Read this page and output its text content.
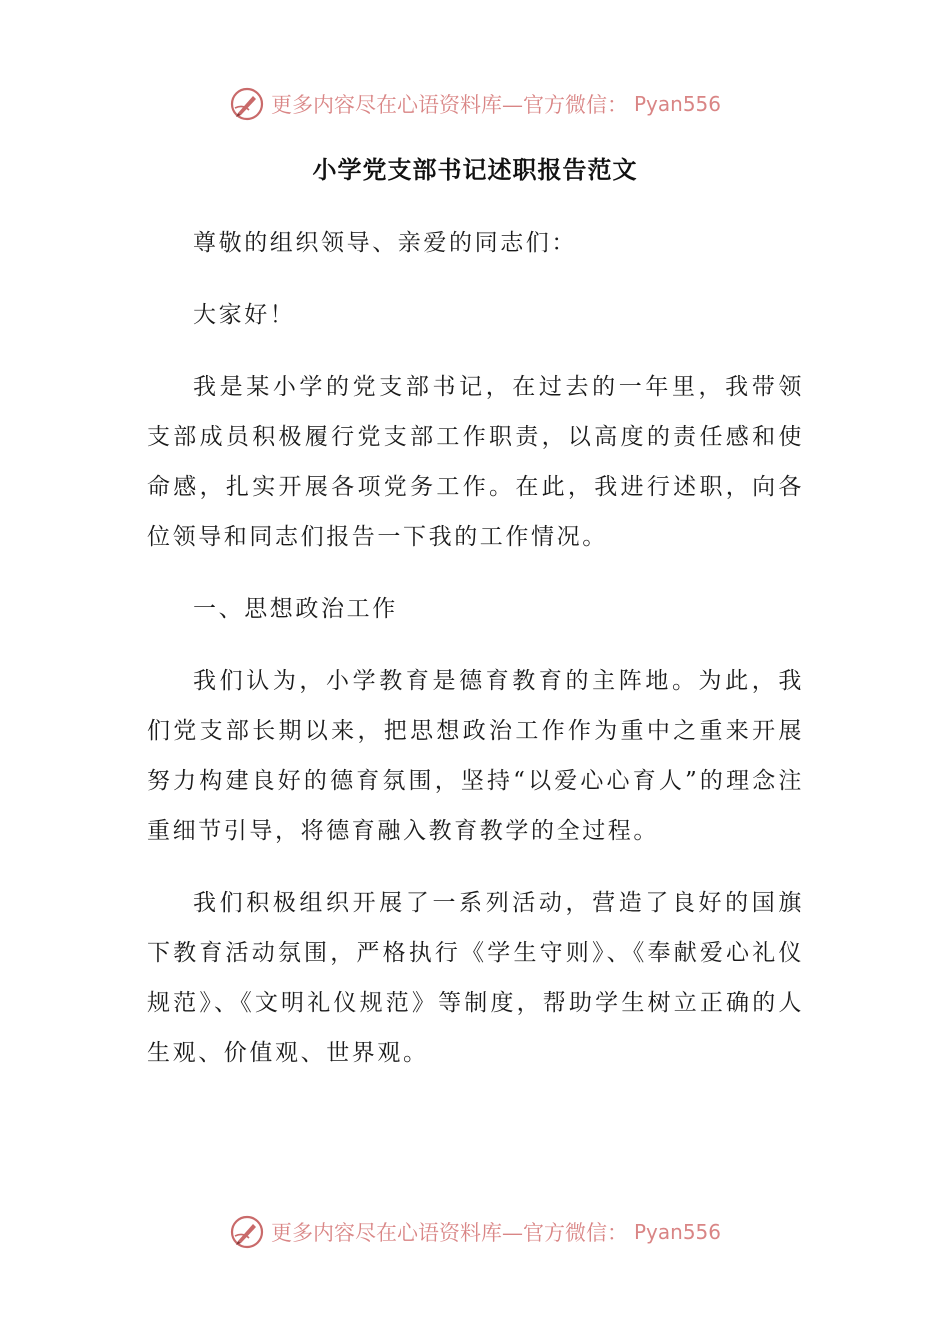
更多内容尽在心语资料库—官方微信： Pyan556
小学党支部书记述职报告范文

尊敬的组织领导、亲爱的同志们：

大家好！

我是某小学的党支部书记，在过去的一年里，我带领支部成员积极履行党支部工作职责，以高度的责任感和使命感，扎实开展各项党务工作。在此，我进行述职，向各位领导和同志们报告一下我的工作情况。

一、思想政治工作

我们认为，小学教育是德育教育的主阵地。为此，我们党支部长期以来，把思想政治工作作为重中之重来开展努力构建良好的德育氛围，坚持“以爱心心育人”的理念注重细节引导，将德育融入教育教学的全过程。

我们积极组织开展了一系列活动，营造了良好的国旗下教育活动氛围，严格执行《学生守则》、《奉献爱心礼仪规范》、《文明礼仪规范》等制度，帮助学生树立正确的人生观、价值观、世界观。

更多内容尽在心语资料库—官方微信： Pyan556
